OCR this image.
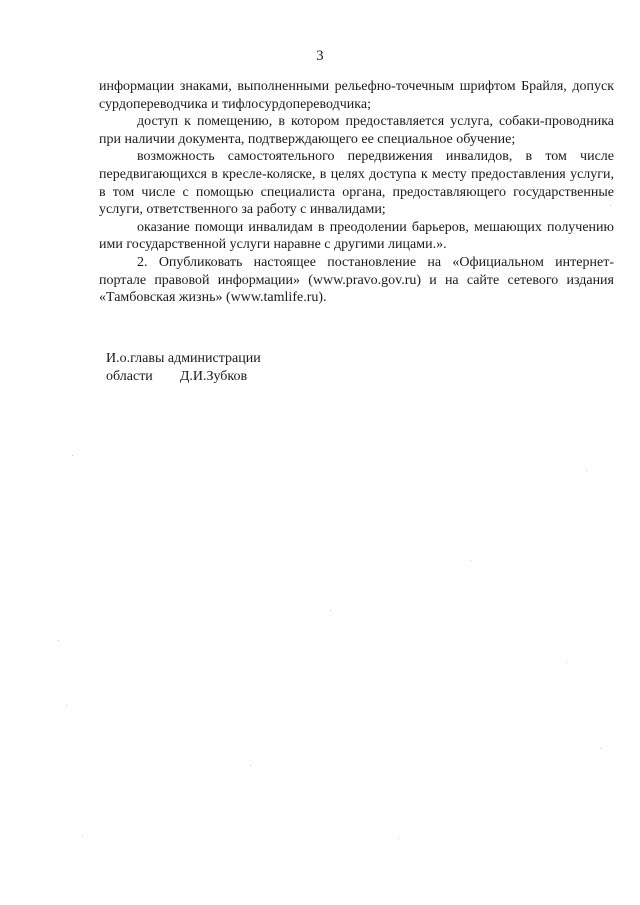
3

информации знаками, выполненными рельефно-точечным шрифтом Брайля, допуск сурдопереводчика и тифлосурдопереводчика;

доступ к помещению, в котором предоставляется услуга, собаки-проводника при наличии документа, подтверждающего ее специальное обучение;

возможность самостоятельного передвижения инвалидов, в том числе передвигающихся в кресле-коляске, в целях доступа к месту предоставления услуги, в том числе с помощью специалиста органа, предоставляющего государственные услуги, ответственного за работу с инвалидами;

оказание помощи инвалидам в преодолении барьеров, мешающих получению ими государственной услуги наравне с другими лицами.».

2. Опубликовать настоящее постановление на «Официальном интернет-портале правовой информации» (www.pravo.gov.ru) и на сайте сетевого издания «Тамбовская жизнь» (www.tamlife.ru).

И.о.главы администрации
области Д.И.Зубков
